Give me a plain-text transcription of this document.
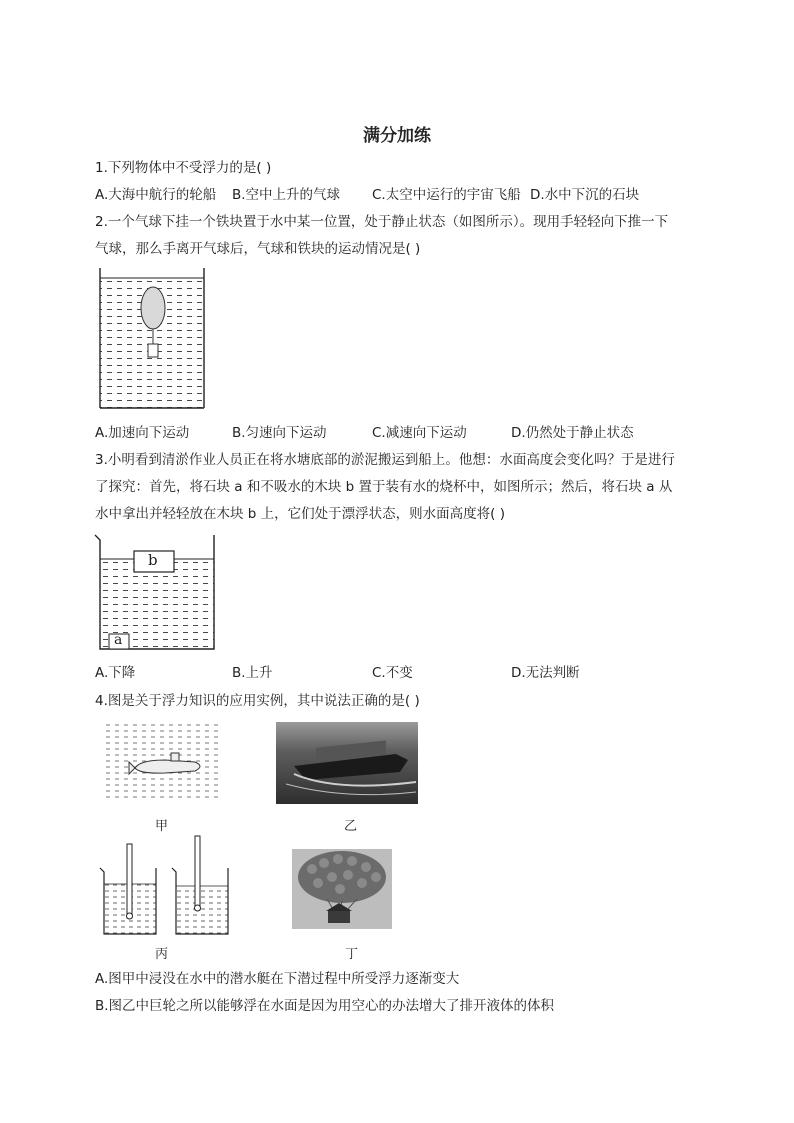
满分加练
1.下列物体中不受浮力的是( )
A.大海中航行的轮船 B.空中上升的气球 C.太空中运行的宇宙飞船 D.水中下沉的石块
2.一个气球下挂一个铁块置于水中某一位置，处于静止状态（如图所示）。现用手轻轻向下推一下
气球，那么手离开气球后，气球和铁块的运动情况是( )
A.加速向下运动	B.匀速向下运动	C.减速向下运动	D.仍然处于静止状态
3.小明看到清淤作业人员正在将水塘底部的淤泥搬运到船上。他想：水面高度会变化吗？于是进行
了探究：首先，将石块 a 和不吸水的木块 b 置于装有水的烧杯中，如图所示；然后，将石块 a 从
水中拿出并轻轻放在木块 b 上，它们处于漂浮状态，则水面高度将( )
b
a
A.下降	B.上升	C.不变	D.无法判断
4.图是关于浮力知识的应用实例，其中说法正确的是( )
甲	乙
丙	丁
A.图甲中浸没在水中的潜水艇在下潜过程中所受浮力逐渐变大
B.图乙中巨轮之所以能够浮在水面是因为用空心的办法增大了排开液体的体积
